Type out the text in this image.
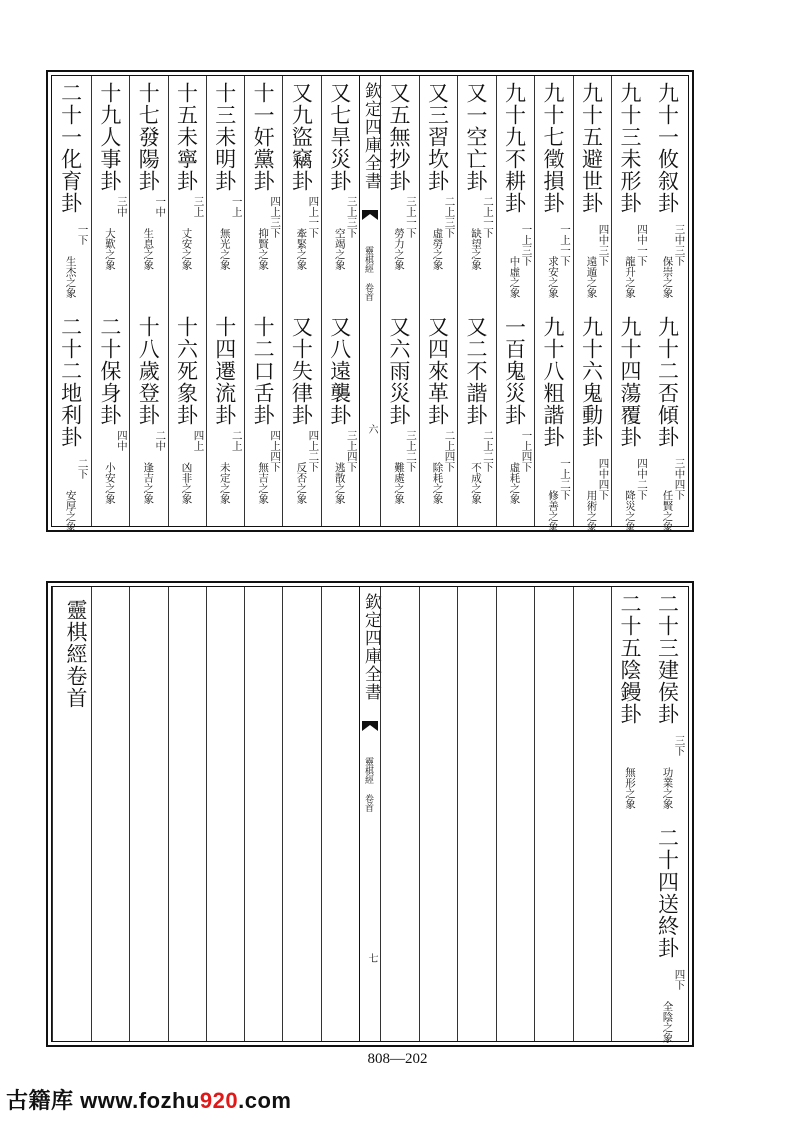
欽定四庫全書
靈棋經 卷首
六
九十一攸叙卦
三中三下
保崇之象
九十二否傾卦
三中四下
任賢之象
九十三未形卦
四中一下
龍升之象
九十四蕩覆卦
四中二下
降災之象
九十五避世卦
四中三下
遠遁之象
九十六鬼動卦
四中四下
用術之象
九十七徵損卦
一上一下
求安之象
九十八粗諧卦
一上二下
修善之象
九十九不耕卦
一上三下
中虛之象
一百鬼災卦
一上四下
虛耗之象
又一空亡卦
二上一下
缺望之象
又二不諧卦
二上二下
不成之象
又三習坎卦
二上三下
虛勞之象
又四來革卦
二上四下
除耗之象
又五無抄卦
三上一下
勞力之象
又六雨災卦
三上二下
難處之象
又七旱災卦
三上三下
空竭之象
又八遠襲卦
三上四下
逃散之象
又九盜竊卦
四上一下
牽緊之象
又十失律卦
四上二下
反否之象
十一奸黨卦
四上三下
抑賢之象
十二口舌卦
四上四下
無吉之象
十三未明卦
一上
無光之象
十四遷流卦
二上
未定之象
十五未寧卦
三上
丈安之象
十六死象卦
四上
凶非之象
十七發陽卦
一中
生息之象
十八歲登卦
二中
逢吉之象
十九人事卦
三中
大歎之象
二十保身卦
四中
小安之象
二十一化育卦
一下
生杰之象
二十二地利卦
二下
安厚之象
欽定四庫全書
靈棋經 卷首
七
二十三建侯卦
三下
功業之象
二十四送終卦
四下
全陰之象
二十五陰鏝卦
無形之象
靈棋經卷首
808—202
古籍库 www.fozhu920.com
